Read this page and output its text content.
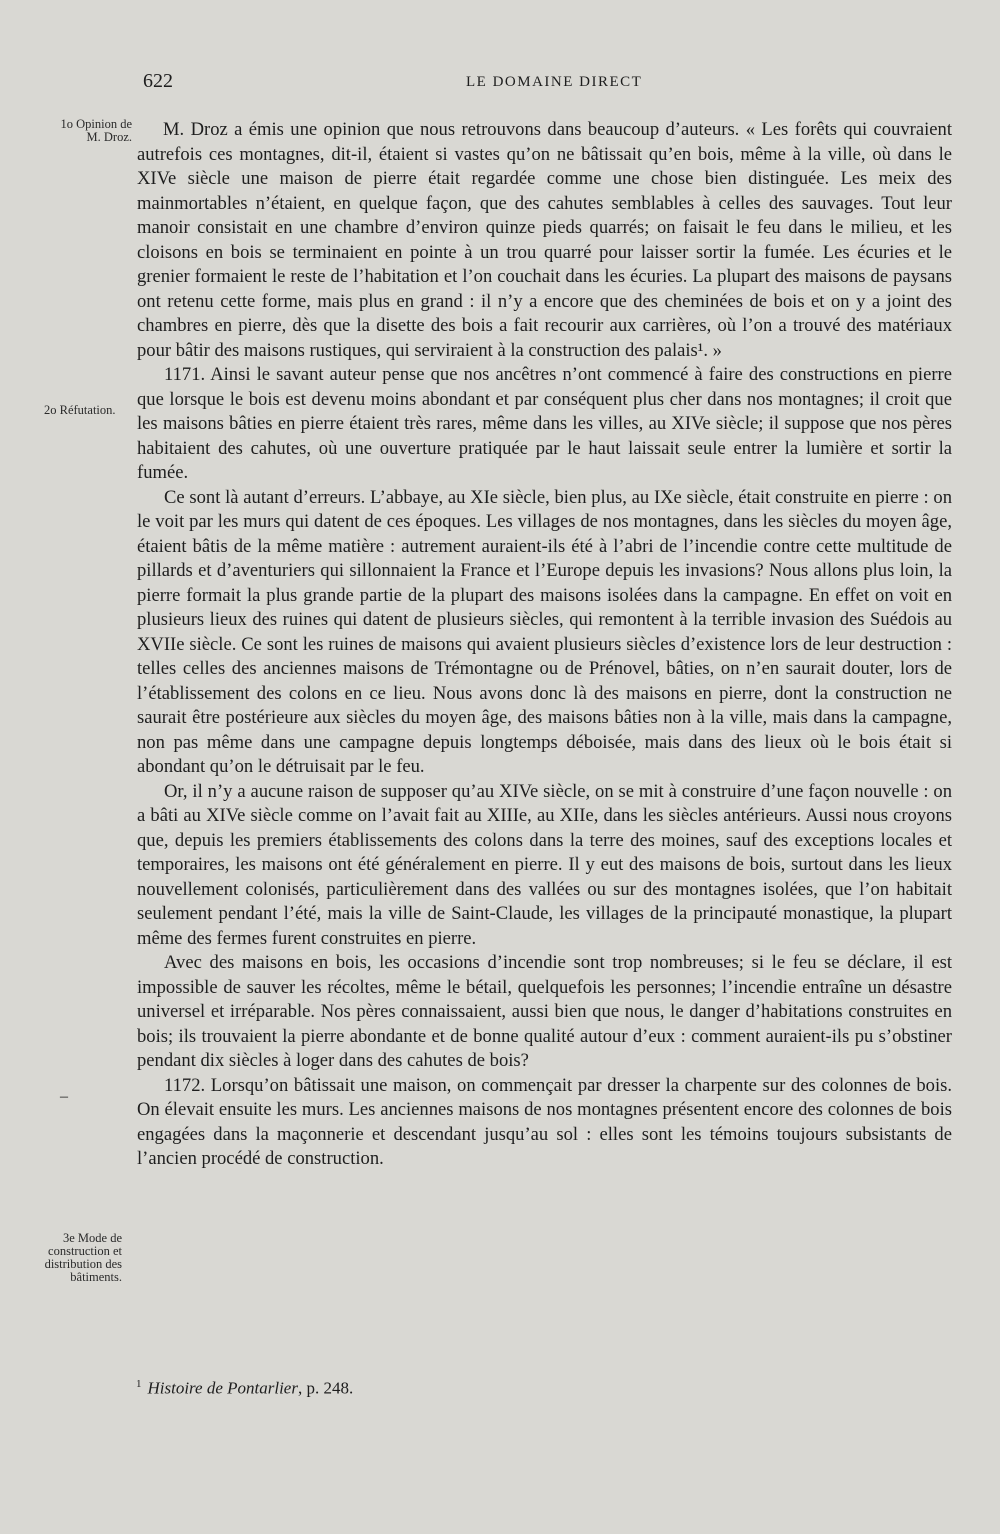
622	LE DOMAINE DIRECT
1o Opinion de M. Droz.
2o Réfutation.
3e Mode de construction et distribution des bâtiments.
–

M. Droz a émis une opinion que nous retrouvons dans beaucoup d’auteurs. « Les forêts qui couvraient autrefois ces montagnes, dit-il, étaient si vastes qu’on ne bâtissait qu’en bois, même à la ville, où dans le XIVe siècle une maison de pierre était regardée comme une chose bien distinguée. Les meix des mainmortables n’étaient, en quelque façon, que des cahutes semblables à celles des sauvages. Tout leur manoir consistait en une chambre d’environ quinze pieds quarrés; on faisait le feu dans le milieu, et les cloisons en bois se terminaient en pointe à un trou quarré pour laisser sortir la fumée. Les écuries et le grenier formaient le reste de l’habitation et l’on couchait dans les écuries. La plupart des maisons de paysans ont retenu cette forme, mais plus en grand : il n’y a encore que des cheminées de bois et on y a joint des chambres en pierre, dès que la disette des bois a fait recourir aux carrières, où l’on a trouvé des matériaux pour bâtir des maisons rustiques, qui serviraient à la construction des palais¹. »

1171. Ainsi le savant auteur pense que nos ancêtres n’ont commencé à faire des constructions en pierre que lorsque le bois est devenu moins abondant et par conséquent plus cher dans nos montagnes; il croit que les maisons bâties en pierre étaient très rares, même dans les villes, au XIVe siècle; il suppose que nos pères habitaient des cahutes, où une ouverture pratiquée par le haut laissait seule entrer la lumière et sortir la fumée.

Ce sont là autant d’erreurs. L’abbaye, au XIe siècle, bien plus, au IXe siècle, était construite en pierre : on le voit par les murs qui datent de ces époques. Les villages de nos montagnes, dans les siècles du moyen âge, étaient bâtis de la même matière : autrement auraient-ils été à l’abri de l’incendie contre cette multitude de pillards et d’aventuriers qui sillonnaient la France et l’Europe depuis les invasions? Nous allons plus loin, la pierre formait la plus grande partie de la plupart des maisons isolées dans la campagne. En effet on voit en plusieurs lieux des ruines qui datent de plusieurs siècles, qui remontent à la terrible invasion des Suédois au XVIIe siècle. Ce sont les ruines de maisons qui avaient plusieurs siècles d’existence lors de leur destruction : telles celles des anciennes maisons de Trémontagne ou de Prénovel, bâties, on n’en saurait douter, lors de l’établissement des colons en ce lieu. Nous avons donc là des maisons en pierre, dont la construction ne saurait être postérieure aux siècles du moyen âge, des maisons bâties non à la ville, mais dans la campagne, non pas même dans une campagne depuis longtemps déboisée, mais dans des lieux où le bois était si abondant qu’on le détruisait par le feu.

Or, il n’y a aucune raison de supposer qu’au XIVe siècle, on se mit à construire d’une façon nouvelle : on a bâti au XIVe siècle comme on l’avait fait au XIIIe, au XIIe, dans les siècles antérieurs. Aussi nous croyons que, depuis les premiers établissements des colons dans la terre des moines, sauf des exceptions locales et temporaires, les maisons ont été généralement en pierre. Il y eut des maisons de bois, surtout dans les lieux nouvellement colonisés, particulièrement dans des vallées ou sur des montagnes isolées, que l’on habitait seulement pendant l’été, mais la ville de Saint-Claude, les villages de la principauté monastique, la plupart même des fermes furent construites en pierre.

Avec des maisons en bois, les occasions d’incendie sont trop nombreuses; si le feu se déclare, il est impossible de sauver les récoltes, même le bétail, quelquefois les personnes; l’incendie entraîne un désastre universel et irréparable. Nos pères connaissaient, aussi bien que nous, le danger d’habitations construites en bois; ils trouvaient la pierre abondante et de bonne qualité autour d’eux : comment auraient-ils pu s’obstiner pendant dix siècles à loger dans des cahutes de bois?

1172. Lorsqu’on bâtissait une maison, on commençait par dresser la charpente sur des colonnes de bois. On élevait ensuite les murs. Les anciennes maisons de nos montagnes présentent encore des colonnes de bois engagées dans la maçonnerie et descendant jusqu’au sol : elles sont les témoins toujours subsistants de l’ancien procédé de construction.

$^1$ Histoire de Pontarlier, p. 248.
